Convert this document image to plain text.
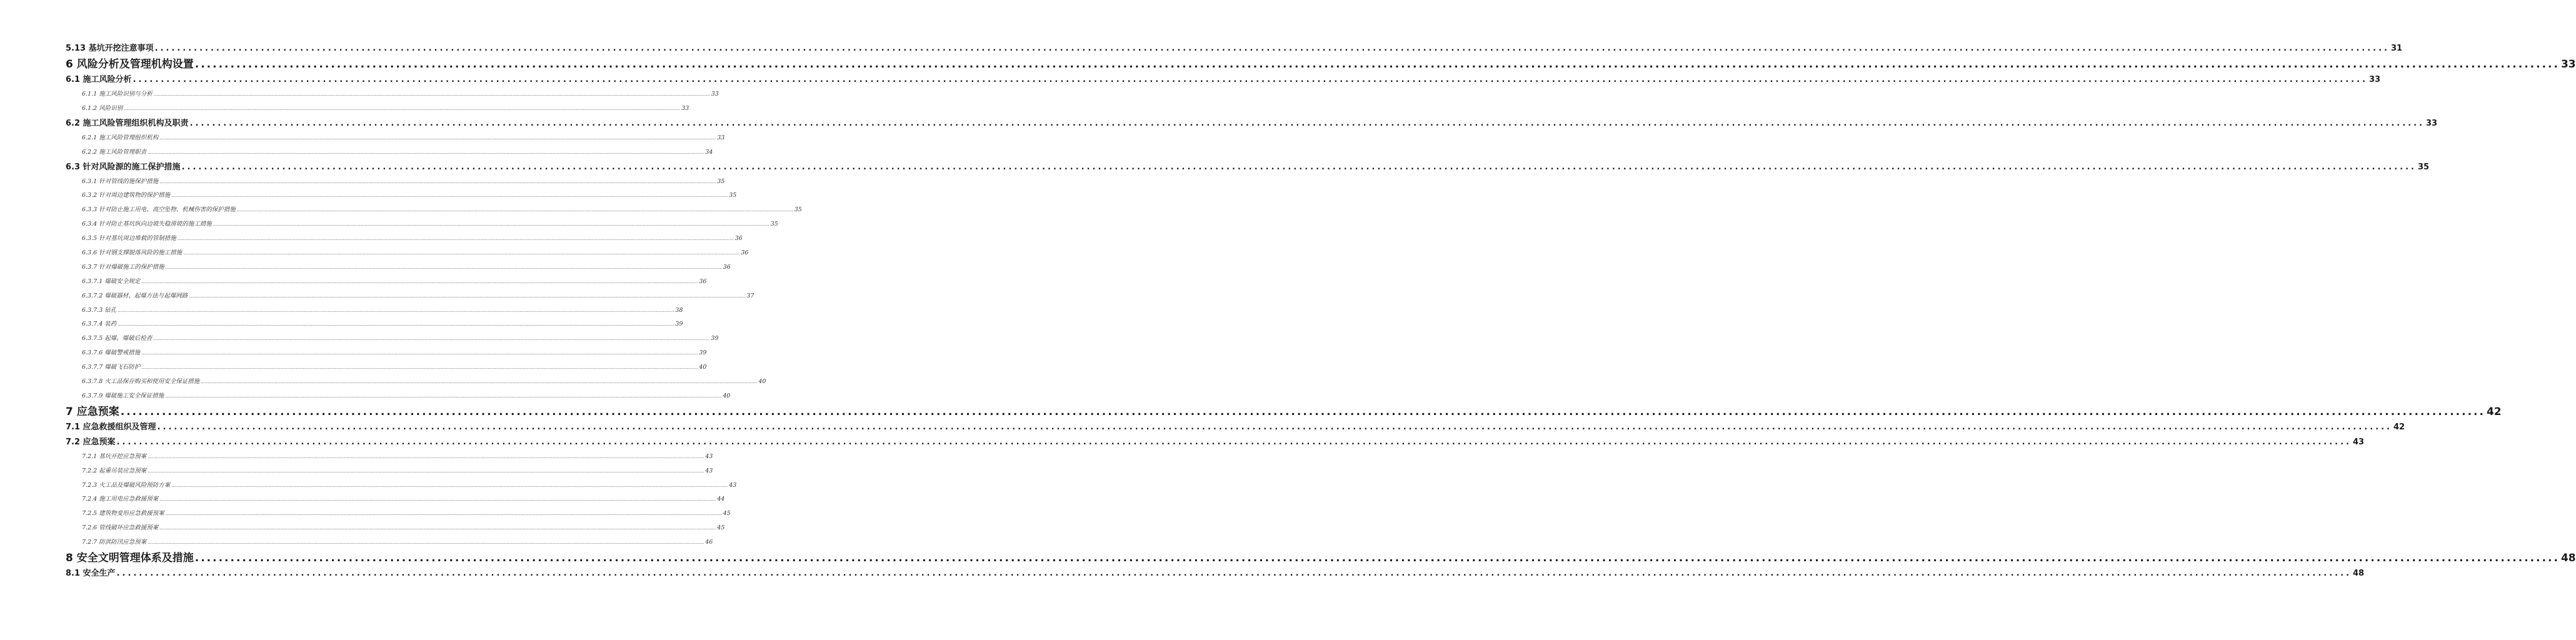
5.13 基坑开挖注意事项 ................................................................................................................................................................................................................................................................................................................................................................................................................ 31
6 风险分析及管理机构设置 ................................................................................................................................................................................................................................................................................................................................................................................................................ 33
6.1 施工风险分析 ................................................................................................................................................................................................................................................................................................................................................................................................................ 33
6.1.1 施工风险识别与分析 ................................................................................................................................................................................................................................................................................................................................................................................................................ 33
6.1.2 风险识别 ................................................................................................................................................................................................................................................................................................................................................................................................................ 33
6.2 施工风险管理组织机构及职责 ................................................................................................................................................................................................................................................................................................................................................................................................................ 33
6.2.1 施工风险管理组织机构 ................................................................................................................................................................................................................................................................................................................................................................................................................ 33
6.2.2 施工风险管理职责 ................................................................................................................................................................................................................................................................................................................................................................................................................ 34
6.3 针对风险源的施工保护措施 ................................................................................................................................................................................................................................................................................................................................................................................................................ 35
6.3.1 针对管线的施保护措施 ................................................................................................................................................................................................................................................................................................................................................................................................................ 35
6.3.2 针对周边建筑物的保护措施 ................................................................................................................................................................................................................................................................................................................................................................................................................ 35
6.3.3 针对防止施工用电、高空坠物、机械伤害的保护措施 ................................................................................................................................................................................................................................................................................................................................................................................................................ 35
6.3.4 针对防止基坑纵向边坡失稳滑坡的施工措施 ................................................................................................................................................................................................................................................................................................................................................................................................................ 35
6.3.5 针对基坑周边堆载的管制措施 ................................................................................................................................................................................................................................................................................................................................................................................................................ 36
6.3.6 针对钢支撑脱落风险的施工措施 ................................................................................................................................................................................................................................................................................................................................................................................................................ 36
6.3.7 针对爆破施工的保护措施 ................................................................................................................................................................................................................................................................................................................................................................................................................ 36
6.3.7.1 爆破安全规定 ................................................................................................................................................................................................................................................................................................................................................................................................................ 36
6.3.7.2 爆破器材、起爆方法与起爆网路 ................................................................................................................................................................................................................................................................................................................................................................................................................ 37
6.3.7.3 钻孔 ................................................................................................................................................................................................................................................................................................................................................................................................................ 38
6.3.7.4 装药 ................................................................................................................................................................................................................................................................................................................................................................................................................ 39
6.3.7.5 起爆、爆破后检查 ................................................................................................................................................................................................................................................................................................................................................................................................................ 39
6.3.7.6 爆破警戒措施 ................................................................................................................................................................................................................................................................................................................................................................................................................ 39
6.3.7.7 爆破飞石防护 ................................................................................................................................................................................................................................................................................................................................................................................................................ 40
6.3.7.8 火工品保存购买和使用安全保证措施 ................................................................................................................................................................................................................................................................................................................................................................................................................ 40
6.3.7.9 爆破施工安全保证措施 ................................................................................................................................................................................................................................................................................................................................................................................................................ 40
7 应急预案 ................................................................................................................................................................................................................................................................................................................................................................................................................ 42
7.1 应急救援组织及管理 ................................................................................................................................................................................................................................................................................................................................................................................................................ 42
7.2 应急预案 ................................................................................................................................................................................................................................................................................................................................................................................................................ 43
7.2.1 基坑开挖应急预案 ................................................................................................................................................................................................................................................................................................................................................................................................................ 43
7.2.2 起重吊装应急预案 ................................................................................................................................................................................................................................................................................................................................................................................................................ 43
7.2.3 火工品及爆破风险预防方案 ................................................................................................................................................................................................................................................................................................................................................................................................................ 43
7.2.4 施工用电应急救援预案 ................................................................................................................................................................................................................................................................................................................................................................................................................ 44
7.2.5 建筑物变形应急救援预案 ................................................................................................................................................................................................................................................................................................................................................................................................................ 45
7.2.6 管线破坏应急救援预案 ................................................................................................................................................................................................................................................................................................................................................................................................................ 45
7.2.7 防洪防汛应急预案 ................................................................................................................................................................................................................................................................................................................................................................................................................ 46
8 安全文明管理体系及措施 ................................................................................................................................................................................................................................................................................................................................................................................................................ 48
8.1 安全生产 ................................................................................................................................................................................................................................................................................................................................................................................................................ 48
